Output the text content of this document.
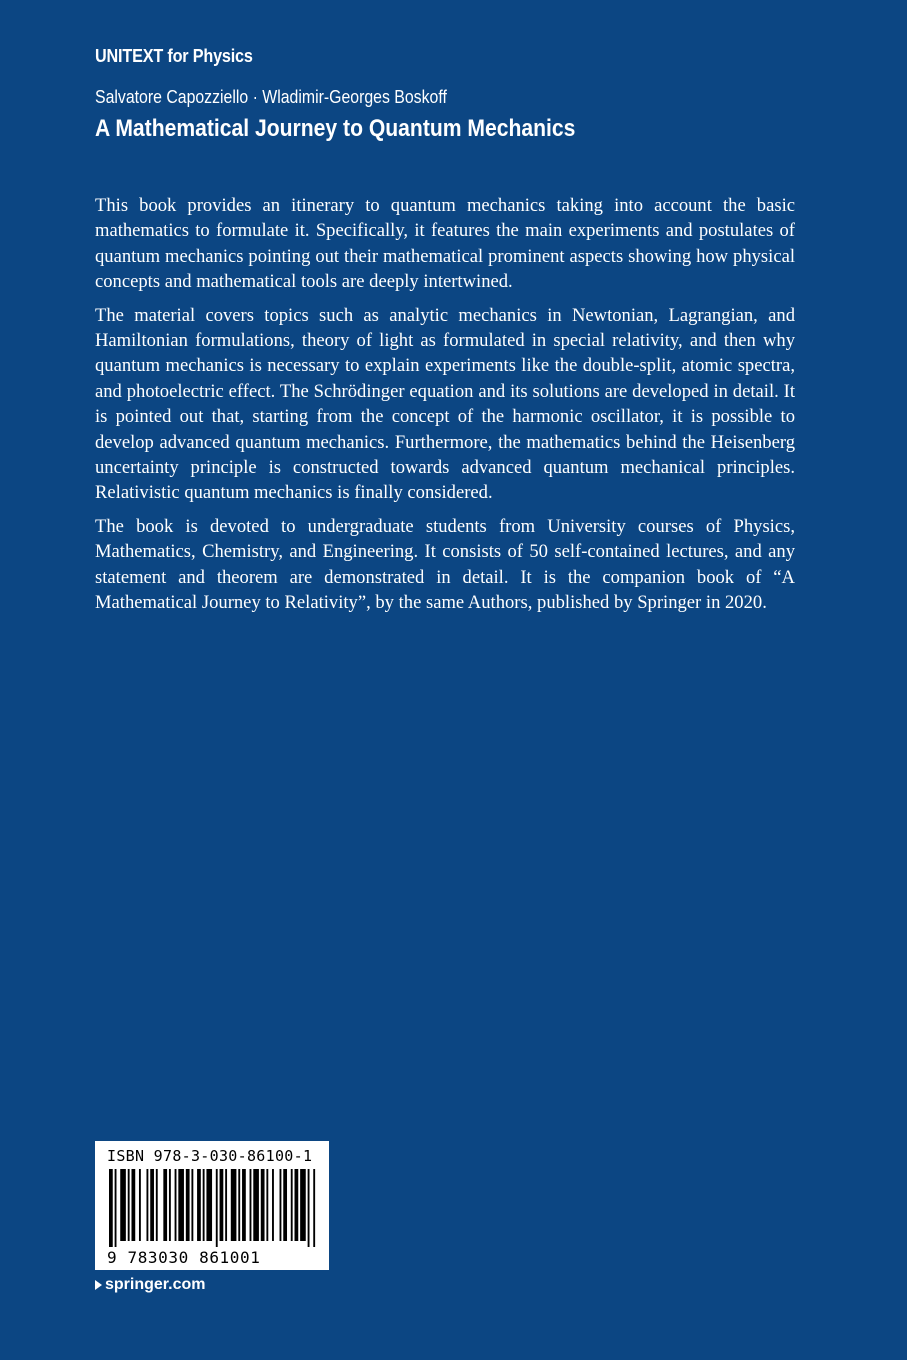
UNITEXT for Physics
Salvatore Capozziello · Wladimir-Georges Boskoff
A Mathematical Journey to Quantum Mechanics

This book provides an itinerary to quantum mechanics taking into account the basic mathematics to formulate it. Specifically, it features the main experiments and postulates of quantum mechanics pointing out their mathematical prominent aspects showing how physical concepts and mathematical tools are deeply intertwined.

The material covers topics such as analytic mechanics in Newtonian, Lagrangian, and Hamiltonian formulations, theory of light as formulated in special relativity, and then why quantum mechanics is necessary to explain experiments like the double-split, atomic spectra, and photoelectric effect. The Schrödinger equation and its solutions are developed in detail. It is pointed out that, starting from the concept of the harmonic oscillator, it is possible to develop advanced quantum mechanics. Furthermore, the mathematics behind the Heisenberg uncertainty principle is constructed towards advanced quantum mechanical principles. Relativistic quantum mechanics is finally considered.

The book is devoted to undergraduate students from University courses of Physics, Mathematics, Chemistry, and Engineering. It consists of 50 self-contained lectures, and any statement and theorem are demonstrated in detail. It is the companion book of “A Mathematical Journey to Relativity”, by the same Authors, published by Springer in 2020.

ISBN 978-3-030-86100-1
9 783030 861001
springer.com
